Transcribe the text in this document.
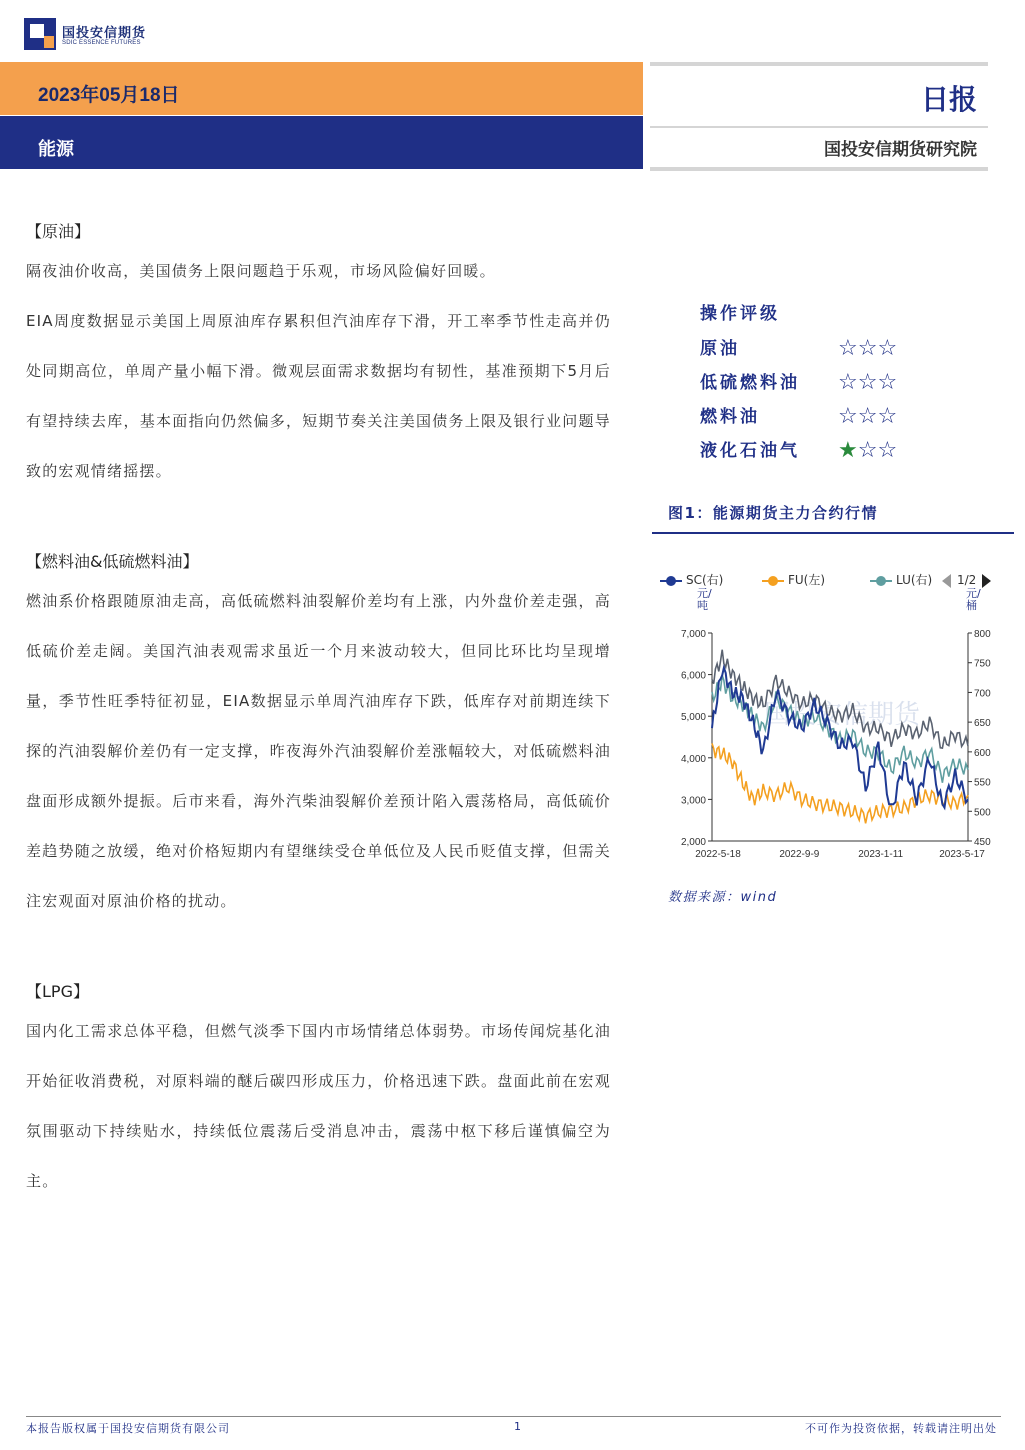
国投安信期货
SDIC ESSENCE FUTURES
2023年05月18日
能源
日报
国投安信期货研究院

【原油】

隔夜油价收高，美国债务上限问题趋于乐观，市场风险偏好回暖。

EIA周度数据显示美国上周原油库存累积但汽油库存下滑，开工率季节性走高并仍处同期高位，单周产量小幅下滑。微观层面需求数据均有韧性，基准预期下5月后有望持续去库，基本面指向仍然偏多，短期节奏关注美国债务上限及银行业问题导致的宏观情绪摇摆。

【燃料油&低硫燃料油】

燃油系价格跟随原油走高，高低硫燃料油裂解价差均有上涨，内外盘价差走强，高低硫价差走阔。美国汽油表观需求虽近一个月来波动较大，但同比环比均呈现增量，季节性旺季特征初显，EIA数据显示单周汽油库存下跌，低库存对前期连续下探的汽油裂解价差仍有一定支撑，昨夜海外汽油裂解价差涨幅较大，对低硫燃料油盘面形成额外提振。后市来看，海外汽柴油裂解价差预计陷入震荡格局，高低硫价差趋势随之放缓，绝对价格短期内有望继续受仓单低位及人民币贬值支撑，但需关注宏观面对原油价格的扰动。

【LPG】

国内化工需求总体平稳，但燃气淡季下国内市场情绪总体弱势。市场传闻烷基化油开始征收消费税，对原料端的醚后碳四形成压力，价格迅速下跌。盘面此前在宏观氛围驱动下持续贴水，持续低位震荡后受消息冲击，震荡中枢下移后谨慎偏空为主。

操作评级
原油	☆☆☆
低硫燃料油 ☆☆☆
燃料油	☆☆☆
液化石油气 ★☆☆
图1：能源期货主力合约行情
SC(右)	FU(左)	LU(右)	1/2
元/吨
元/桶
国投安信期货
7,000
6,000
5,000
4,000
3,000
2,000
800
750
700
650
600
550
500
450
2022-5-18	2022-9-9	2023-1-11	2023-5-17
数据来源：wind
本报告版权属于国投安信期货有限公司	1	不可作为投资依据，转载请注明出处
